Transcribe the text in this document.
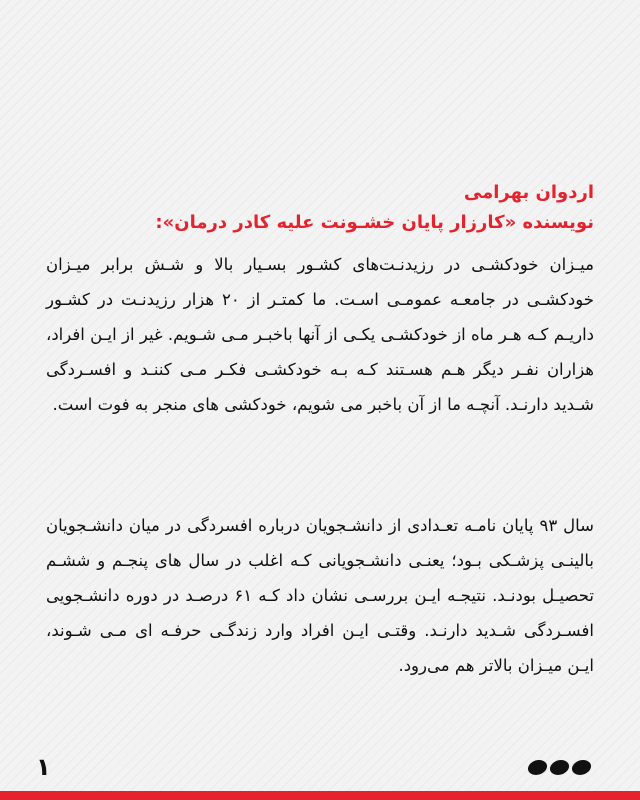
اردوان بهرامی
نویسنده «کارزار پایان خشـونت علیه کادر درمان»:
میـزان خودکشـی در رزیدنـت‌های کشـور بسـیار بالا و شـش برابر میـزان خودکشـی در جامعـه عمومـی اسـت. ما کمتـر از ۲۰ هزار رزیدنـت در کشـور داریـم کـه هـر ماه از خودکشـی یکـی از آنها باخبـر مـی شـویم. غیر از ایـن افراد، هزاران نفـر دیگر هـم هسـتند کـه بـه خودکشـی فکـر مـی کننـد و افسـردگی شـدید دارنـد. آنچـه ما از آن باخبر می شویم، خودکشی های منجر به فوت است.
سال ۹۳ پایان نامـه تعـدادی از دانشـجویان درباره افسردگی در میان دانشـجویان بالینـی پزشـکی بـود؛ یعنـی دانشـجویانی کـه اغلب در سال های پنجـم و ششـم تحصیـل بودنـد. نتیجـه ایـن بررسـی نشان داد کـه ۶۱ درصـد در دوره دانشـجویی افسـردگی شـدید دارنـد. وقتـی ایـن افراد وارد زندگـی حرفـه ای مـی شـوند، ایـن میـزان بالاتر هم می‌رود.
۱
